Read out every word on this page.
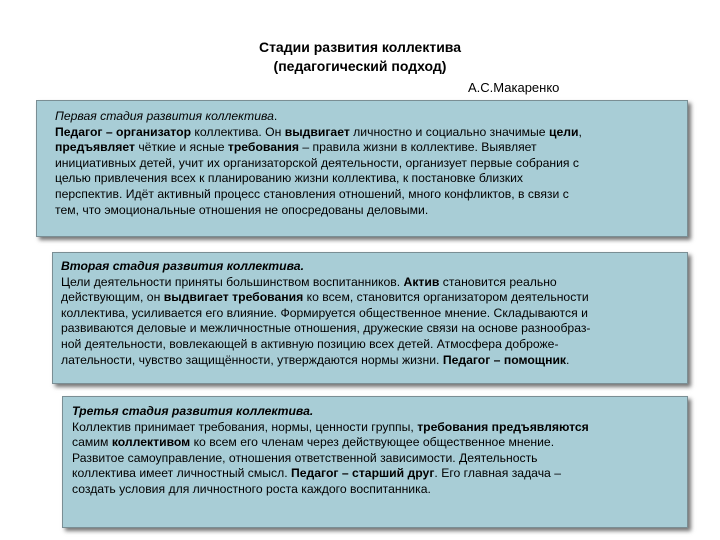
Стадии развития коллектива
(педагогический подход)
А.С.Макаренко
Первая стадия развития коллектива.
Педагог – организатор коллектива. Он выдвигает личностно и социально значимые цели,
предъявляет чёткие и ясные требования – правила жизни в коллективе. Выявляет
инициативных детей, учит их организаторской деятельности, организует первые собрания с
целью привлечения всех к планированию жизни коллектива, к постановке близких
перспектив. Идёт активный процесс становления отношений, много конфликтов, в связи с
тем, что эмоциональные отношения не опосредованы деловыми.
Вторая стадия развития коллектива.
Цели деятельности приняты большинством воспитанников. Актив становится реально
действующим, он выдвигает требования ко всем, становится организатором деятельности
коллектива, усиливается его влияние. Формируется общественное мнение. Складываются и
развиваются деловые и межличностные отношения, дружеские связи на основе разнообраз-
ной деятельности, вовлекающей в активную позицию всех детей. Атмосфера доброже-
лательности, чувство защищённости, утверждаются нормы жизни. Педагог – помощник.
Третья стадия развития коллектива.
Коллектив принимает требования, нормы, ценности группы, требования предъявляются
самим коллективом ко всем его членам через действующее общественное мнение.
Развитое самоуправление, отношения ответственной зависимости. Деятельность
коллектива имеет личностный смысл. Педагог – старший друг. Его главная задача –
создать условия для личностного роста каждого воспитанника.
